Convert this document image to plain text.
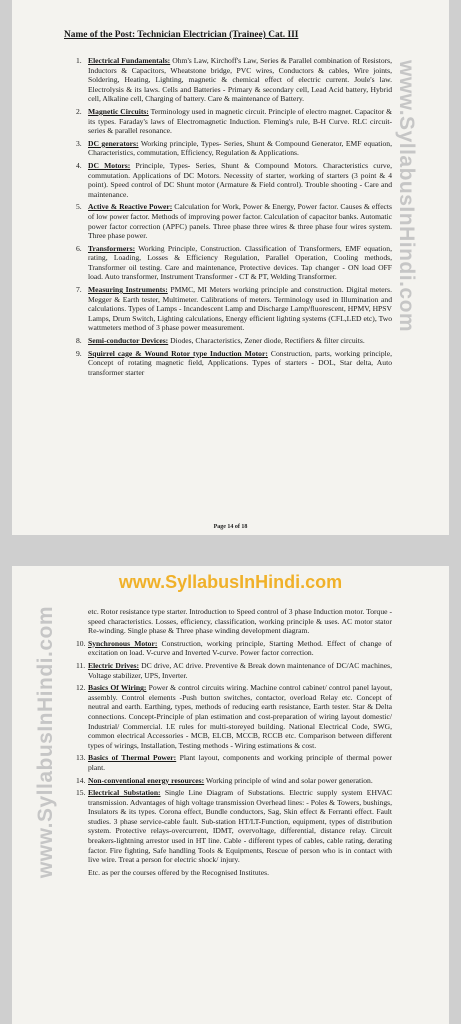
www.SyllabusInHindi.com
Name of the Post: Technician Electrician (Trainee) Cat. III
1. Electrical Fundamentals: Ohm's Law, Kirchoff's Law, Series & Parallel combination of Resistors, Inductors & Capacitors, Wheatstone bridge, PVC wires, Conductors & cables, Wire joints, Soldering, Heating, Lighting, magnetic & chemical effect of electric current. Joule's law. Electrolysis & its laws. Cells and Batteries - Primary & secondary cell, Lead Acid battery, Hybrid cell, Alkaline cell, Charging of battery. Care & maintenance of Battery.
2. Magnetic Circuits: Terminology used in magnetic circuit. Principle of electro magnet. Capacitor & its types. Faraday's laws of Electromagnetic Induction. Fleming's rule, B-H Curve. RLC circuit- series & parallel resonance.
3. DC generators: Working principle, Types- Series, Shunt & Compound Generator, EMF equation, Characteristics, commutation, Efficiency, Regulation & Applications.
4. DC Motors: Principle, Types- Series, Shunt & Compound Motors. Characteristics curve, commutation. Applications of DC Motors. Necessity of starter, working of starters (3 point & 4 point). Speed control of DC Shunt motor (Armature & Field control). Trouble shooting - Care and maintenance.
5. Active & Reactive Power: Calculation for Work, Power & Energy, Power factor. Causes & effects of low power factor. Methods of improving power factor. Calculation of capacitor banks. Automatic power factor correction (APFC) panels. Three phase three wires & three phase four wires system. Three phase power.
6. Transformers: Working Principle, Construction. Classification of Transformers, EMF equation, rating, Loading, Losses & Efficiency Regulation, Parallel Operation, Cooling methods, Transformer oil testing. Care and maintenance, Protective devices. Tap changer - ON load OFF load. Auto transformer, Instrument Transformer - CT & PT, Welding Transformer.
7. Measuring Instruments: PMMC, MI Meters working principle and construction. Digital meters. Megger & Earth tester, Multimeter. Calibrations of meters. Terminology used in Illumination and calculations. Types of Lamps - Incandescent Lamp and Discharge Lamp/fluorescent, HPMV, HPSV Lamps, Drum Switch, Lighting calculations, Energy efficient lighting systems (CFL,LED etc), Two wattmeters method of 3 phase power measurement.
8. Semi-conductor Devices: Diodes, Characteristics, Zener diode, Rectifiers & filter circuits.
9. Squirrel cage & Wound Rotor type Induction Motor: Construction, parts, working principle, Concept of rotating magnetic field, Applications. Types of starters - DOL, Star delta, Auto transformer starter
Page 14 of 18
www.SyllabusInHindi.com
www.SyllabusInHindi.com	etc. Rotor resistance type starter. Introduction to Speed control of 3 phase Induction motor. Torque - speed characteristics. Losses, efficiency, classification, working principle & uses. AC motor stator Re-winding. Single phase & Three phase winding development diagram.
10. Synchronous Motor: Construction, working principle, Starting Method. Effect of change of excitation on load. V-curve and Inverted V-curve. Power factor correction.
11. Electric Drives: DC drive, AC drive. Preventive & Break down maintenance of DC/AC machines, Voltage stabilizer, UPS, Inverter.
12. Basics Of Wiring: Power & control circuits wiring. Machine control cabinet/ control panel layout, assembly. Control elements -Push button switches, contactor, overload Relay etc. Concept of neutral and earth. Earthing, types, methods of reducing earth resistance, Earth tester. Star & Delta connections. Concept-Principle of plan estimation and cost-preparation of wiring layout domestic/ Industrial/ Commercial. I.E rules for multi-storeyed building. National Electrical Code, SWG, common electrical Accessories - MCB, ELCB, MCCB, RCCB etc. Comparison between different types of wirings, Installation, Testing methods - Wiring estimations & cost.
13. Basics of Thermal Power: Plant layout, components and working principle of thermal power plant.
14. Non-conventional energy resources: Working principle of wind and solar power generation.
15. Electrical Substation: Single Line Diagram of Substations. Electric supply system EHVAC transmission. Advantages of high voltage transmission Overhead lines: - Poles & Towers, bushings, Insulators & its types. Corona effect, Bundle conductors, Sag, Skin effect & Ferranti effect. Fault studies. 3 phase service-cable fault. Sub-station HT/LT-Function, equipment, types of distribution system. Protective relays-overcurrent, IDMT, overvoltage, differential, distance relay. Circuit breakers-lightning arrestor used in HT line. Cable - different types of cables, cable rating, derating factor. Fire fighting, Safe handling Tools & Equipments, Rescue of person who is in contact with live wire. Treat a person for electric shock/ injury.
Etc. as per the courses offered by the Recognised Institutes.
